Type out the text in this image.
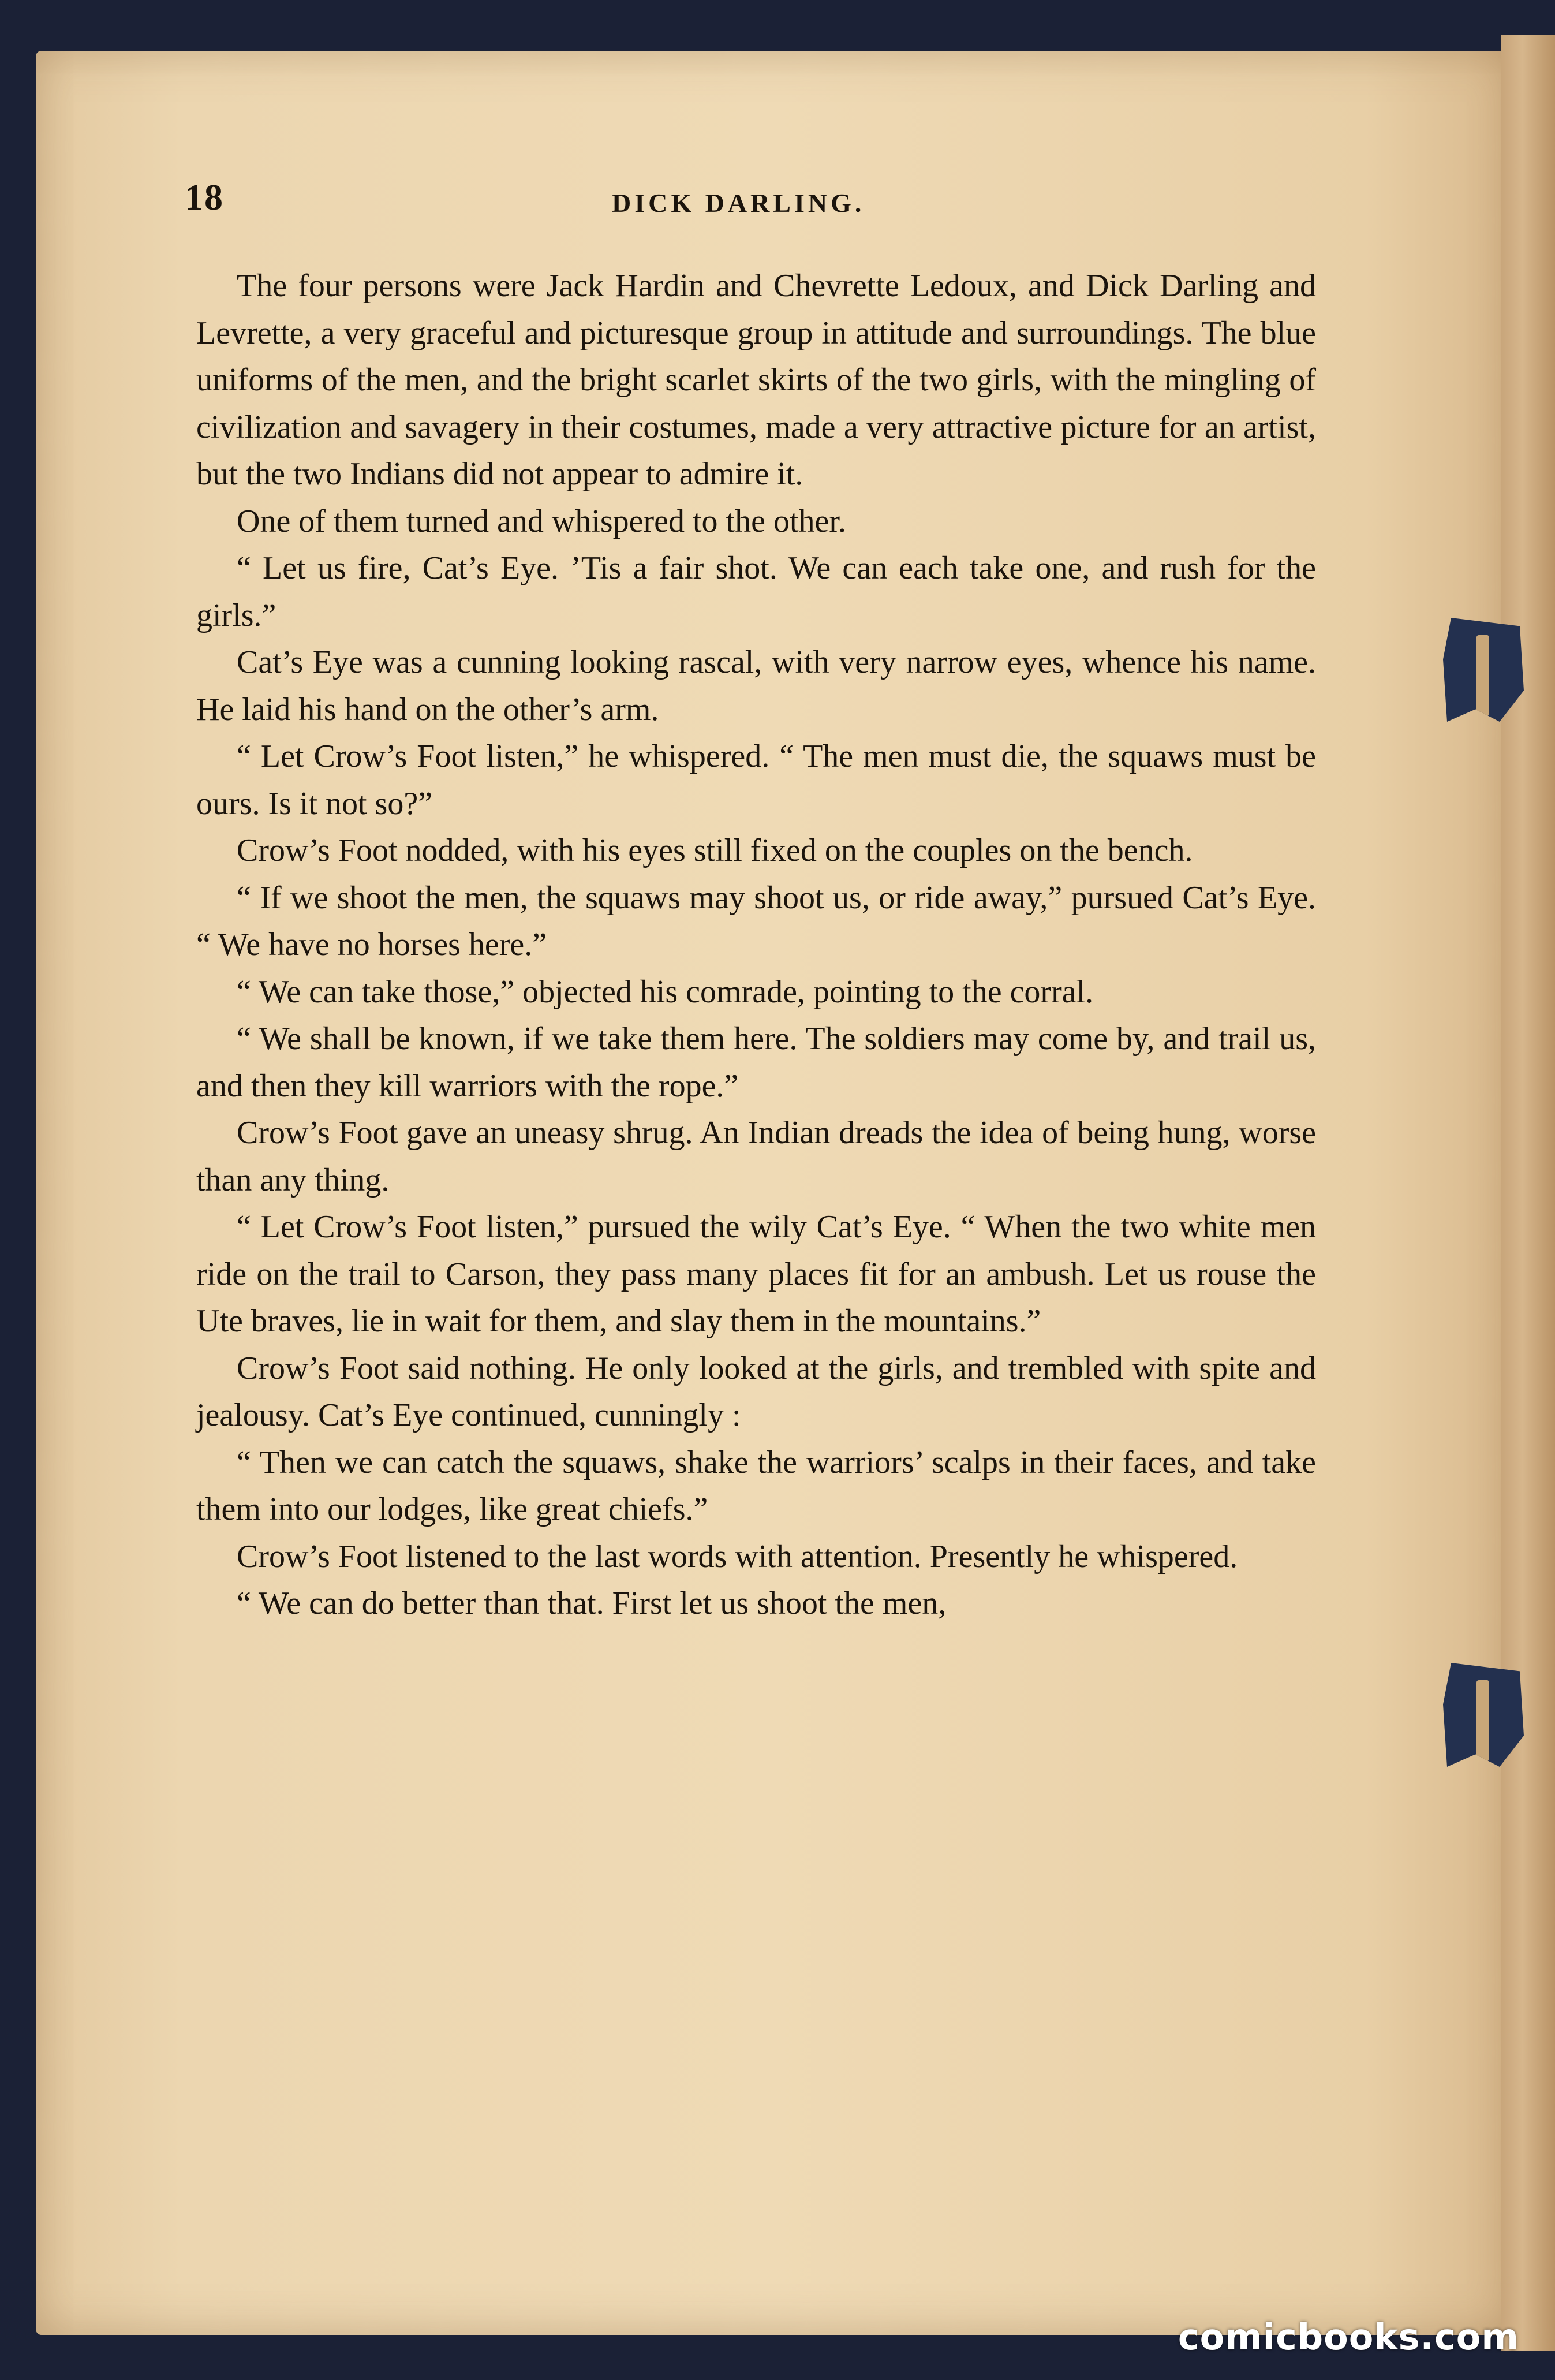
18	DICK DARLING.

The four persons were Jack Hardin and Chevrette Ledoux, and Dick Darling and Levrette, a very graceful and picturesque group in attitude and surroundings. The blue uniforms of the men, and the bright scarlet skirts of the two girls, with the mingling of civilization and savagery in their costumes, made a very attractive picture for an artist, but the two Indians did not appear to admire it.

One of them turned and whispered to the other.

“ Let us fire, Cat’s Eye. ’Tis a fair shot. We can each take one, and rush for the girls.”

Cat’s Eye was a cunning looking rascal, with very narrow eyes, whence his name. He laid his hand on the other’s arm.

“ Let Crow’s Foot listen,” he whispered. “ The men must die, the squaws must be ours. Is it not so?”

Crow’s Foot nodded, with his eyes still fixed on the couples on the bench.

“ If we shoot the men, the squaws may shoot us, or ride away,” pursued Cat’s Eye. “ We have no horses here.”

“ We can take those,” objected his comrade, pointing to the corral.

“ We shall be known, if we take them here. The soldiers may come by, and trail us, and then they kill warriors with the rope.”

Crow’s Foot gave an uneasy shrug. An Indian dreads the idea of being hung, worse than any thing.

“ Let Crow’s Foot listen,” pursued the wily Cat’s Eye. “ When the two white men ride on the trail to Carson, they pass many places fit for an ambush. Let us rouse the Ute braves, lie in wait for them, and slay them in the mountains.”

Crow’s Foot said nothing. He only looked at the girls, and trembled with spite and jealousy. Cat’s Eye continued, cunningly :

“ Then we can catch the squaws, shake the warriors’ scalps in their faces, and take them into our lodges, like great chiefs.”

Crow’s Foot listened to the last words with attention. Presently he whispered.

“ We can do better than that. First let us shoot the men,

comicbooks.com
